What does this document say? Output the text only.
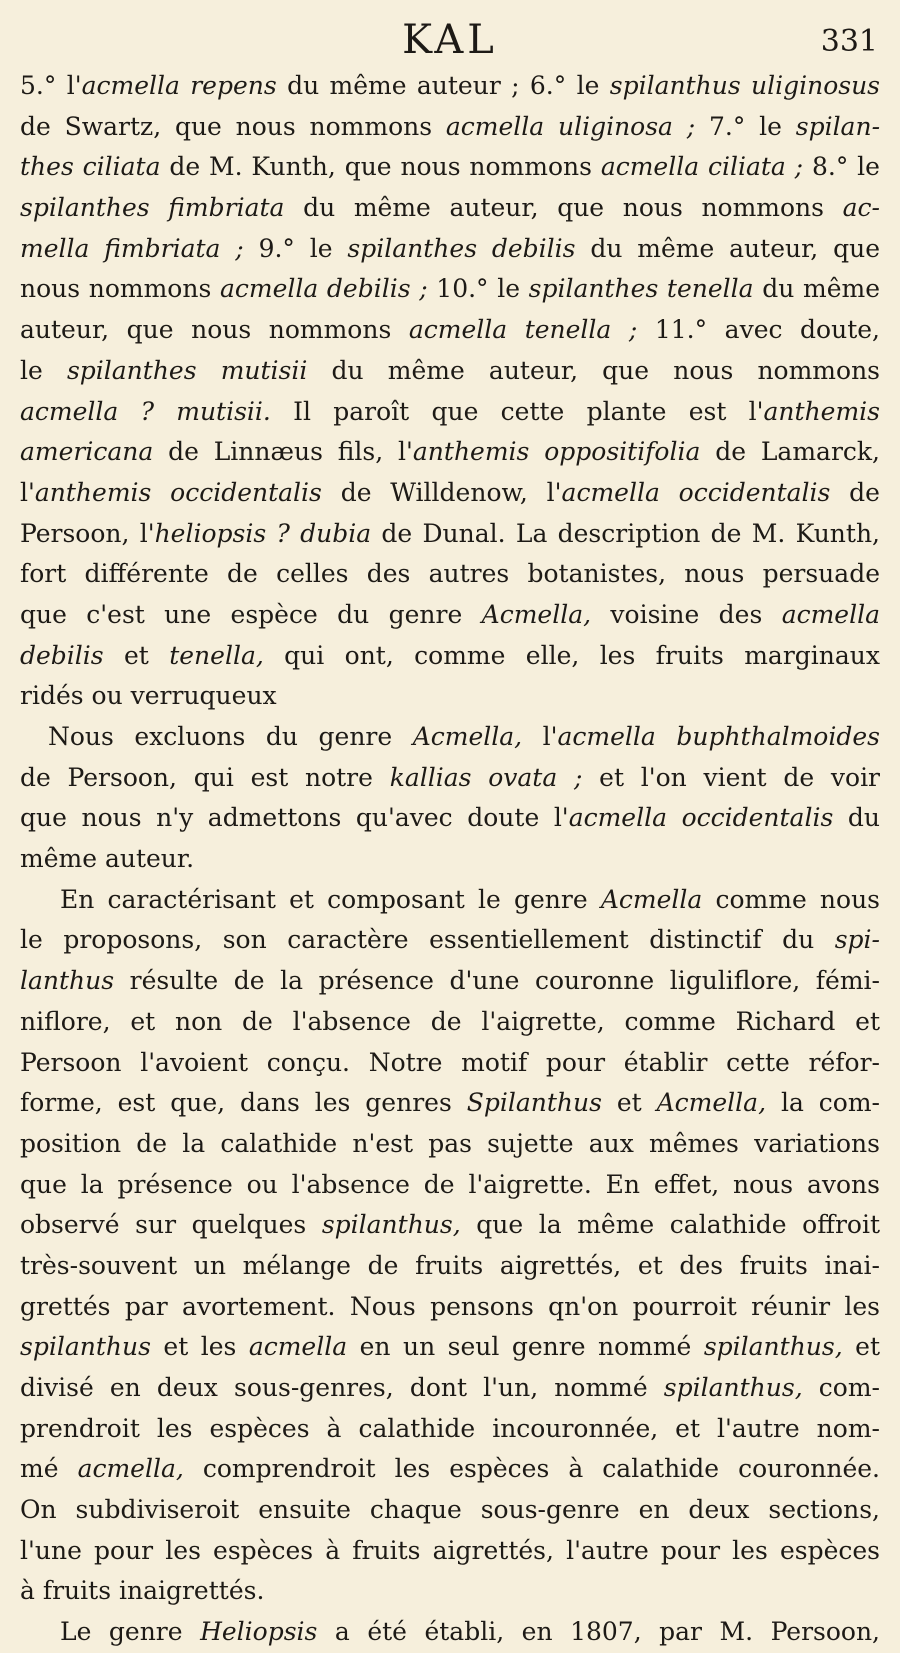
KAL	331
5.° l'acmella repens du même auteur ; 6.° le spilanthus uliginosus
de Swartz, que nous nommons acmella uliginosa ; 7.° le spilan-
thes ciliata de M. Kunth, que nous nommons acmella ciliata ; 8.° le
spilanthes fimbriata du même auteur, que nous nommons ac-
mella fimbriata ; 9.° le spilanthes debilis du même auteur, que
nous nommons acmella debilis ; 10.° le spilanthes tenella du même
auteur, que nous nommons acmella tenella ; 11.° avec doute,
le spilanthes mutisii du même auteur, que nous nommons
acmella ? mutisii. Il paroît que cette plante est l'anthemis
americana de Linnæus fils, l'anthemis oppositifolia de Lamarck,
l'anthemis occidentalis de Willdenow, l'acmella occidentalis de
Persoon, l'heliopsis ? dubia de Dunal. La description de M. Kunth,
fort différente de celles des autres botanistes, nous persuade
que c'est une espèce du genre Acmella, voisine des acmella
debilis et tenella, qui ont, comme elle, les fruits marginaux
ridés ou verruqueux
Nous excluons du genre Acmella, l'acmella buphthalmoides
de Persoon, qui est notre kallias ovata ; et l'on vient de voir
que nous n'y admettons qu'avec doute l'acmella occidentalis du
même auteur.
En caractérisant et composant le genre Acmella comme nous
le proposons, son caractère essentiellement distinctif du spi-
lanthus résulte de la présence d'une couronne liguliflore, fémi-
niflore, et non de l'absence de l'aigrette, comme Richard et
Persoon l'avoient conçu. Notre motif pour établir cette réfor-
forme, est que, dans les genres Spilanthus et Acmella, la com-
position de la calathide n'est pas sujette aux mêmes variations
que la présence ou l'absence de l'aigrette. En effet, nous avons
observé sur quelques spilanthus, que la même calathide offroit
très-souvent un mélange de fruits aigrettés, et des fruits inai-
grettés par avortement. Nous pensons qn'on pourroit réunir les
spilanthus et les acmella en un seul genre nommé spilanthus, et
divisé en deux sous-genres, dont l'un, nommé spilanthus, com-
prendroit les espèces à calathide incouronnée, et l'autre nom-
mé acmella, comprendroit les espèces à calathide couronnée.
On subdiviseroit ensuite chaque sous-genre en deux sections,
l'une pour les espèces à fruits aigrettés, l'autre pour les espèces
à fruits inaigrettés.
Le genre Heliopsis a été établi, en 1807, par M. Persoon,
